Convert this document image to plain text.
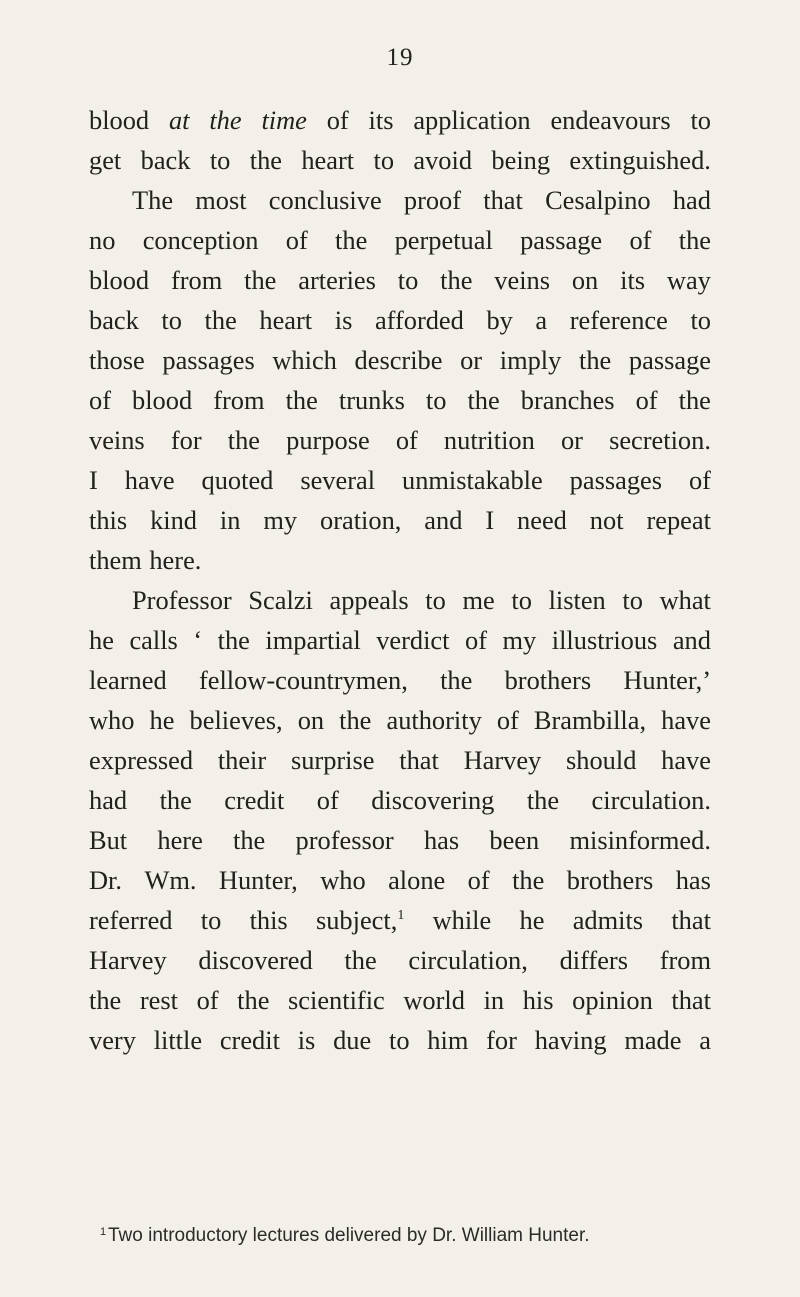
19
blood at the time of its application endeavours to
get back to the heart to avoid being extinguished.
The most conclusive proof that Cesalpino had
no conception of the perpetual passage of the
blood from the arteries to the veins on its way
back to the heart is afforded by a reference to
those passages which describe or imply the passage
of blood from the trunks to the branches of the
veins for the purpose of nutrition or secretion.
I have quoted several unmistakable passages of
this kind in my oration, and I need not repeat
them here.
Professor Scalzi appeals to me to listen to what
he calls ‘ the impartial verdict of my illustrious and
learned fellow-countrymen, the brothers Hunter,’
who he believes, on the authority of Brambilla, have
expressed their surprise that Harvey should have
had the credit of discovering the circulation.
But here the professor has been misinformed.
Dr. Wm. Hunter, who alone of the brothers has
referred to this subject,$^1$ while he admits that
Harvey discovered the circulation, differs from
the rest of the scientific world in his opinion that
very little credit is due to him for having made a
1 Two introductory lectures delivered by Dr. William Hunter.
